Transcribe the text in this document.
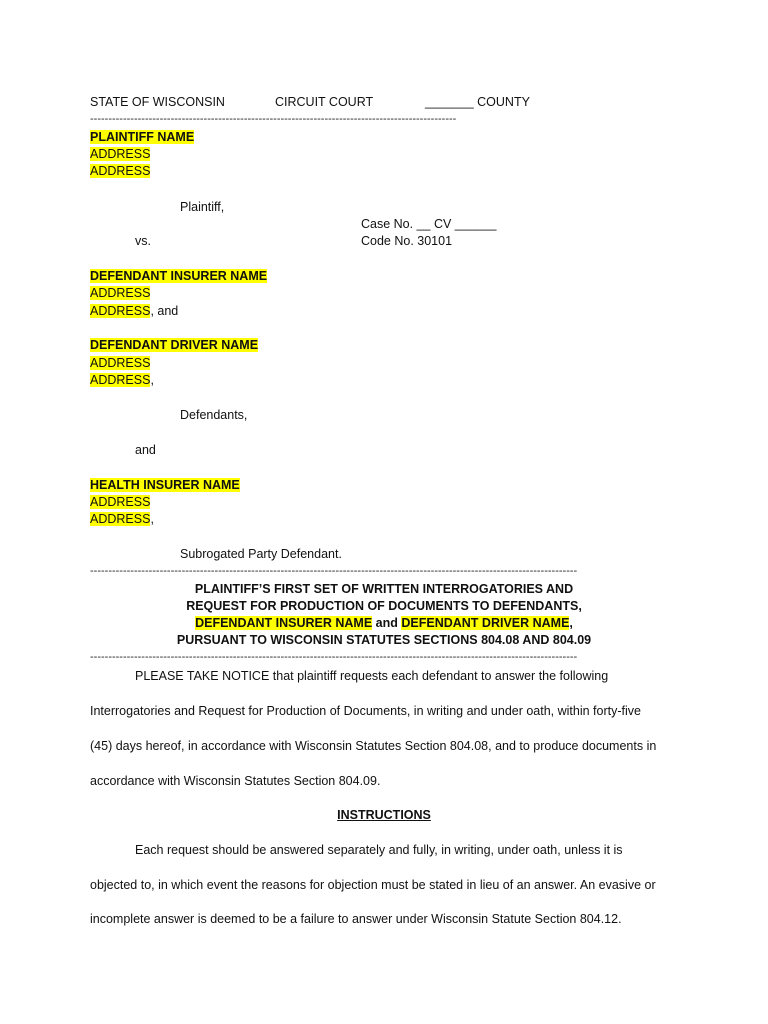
STATE OF WISCONSIN	CIRCUIT COURT	_______ COUNTY
----------------------------------------------------------------------------------------------------
PLAINTIFF NAME
ADDRESS
ADDRESS
Plaintiff,
Case No. __ CV ______
vs.	Code No. 30101
DEFENDANT INSURER NAME
ADDRESS
ADDRESS, and
DEFENDANT DRIVER NAME
ADDRESS
ADDRESS,
Defendants,
and
HEALTH INSURER NAME
ADDRESS
ADDRESS,
Subrogated Party Defendant.
-------------------------------------------------------------------------------------------------------------------------------------
PLAINTIFF’S FIRST SET OF WRITTEN INTERROGATORIES AND
REQUEST FOR PRODUCTION OF DOCUMENTS TO DEFENDANTS,
DEFENDANT INSURER NAME and DEFENDANT DRIVER NAME,
PURSUANT TO WISCONSIN STATUTES SECTIONS 804.08 AND 804.09
-------------------------------------------------------------------------------------------------------------------------------------
PLEASE TAKE NOTICE that plaintiff requests each defendant to answer the following
Interrogatories and Request for Production of Documents, in writing and under oath, within forty-five
(45) days hereof, in accordance with Wisconsin Statutes Section 804.08, and to produce documents in
accordance with Wisconsin Statutes Section 804.09.
INSTRUCTIONS
Each request should be answered separately and fully, in writing, under oath, unless it is
objected to, in which event the reasons for objection must be stated in lieu of an answer. An evasive or
incomplete answer is deemed to be a failure to answer under Wisconsin Statute Section 804.12.
